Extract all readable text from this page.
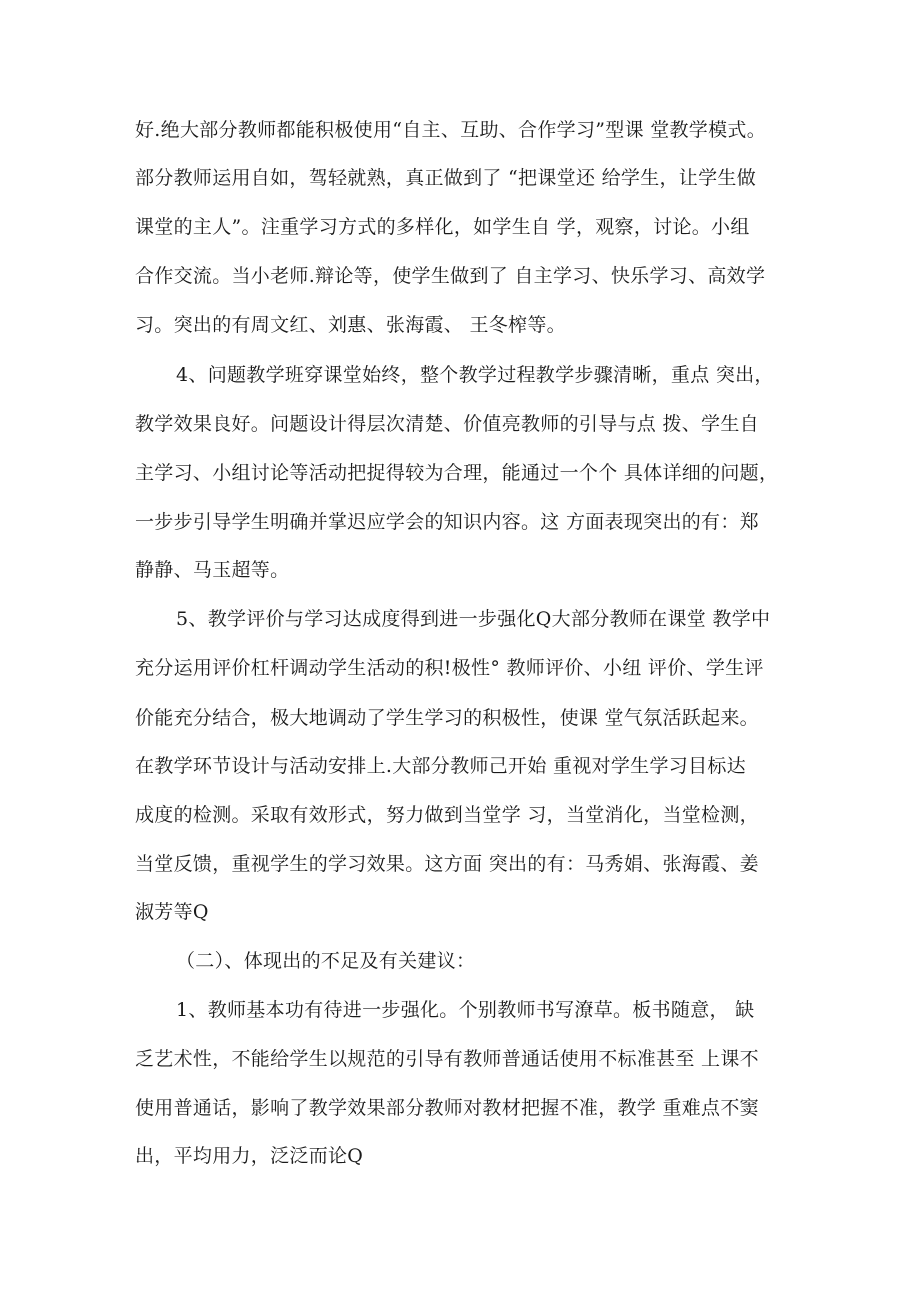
好.绝大部分教师都能积极使用“自主、互助、合作学习”型课 堂教学模式。
部分教师运用自如，驾轻就熟，真正做到了 “把课堂还 给学生，让学生做
课堂的主人”。注重学习方式的多样化，如学生自 学，观察，讨论。小组
合作交流。当小老师.辩论等，使学生做到了 自主学习、快乐学习、高效学
习。突出的有周文红、刘惠、张海霞、 王冬榨等。
4、问题教学班穿课堂始终，整个教学过程教学步骤清晰，重点 突出，
教学效果良好。问题设计得层次清楚、价值亮教师的引导与点 拨、学生自
主学习、小组讨论等活动把捉得较为合理，能通过一个个 具体详细的问题，
一步步引导学生明确并掌迟应学会的知识内容。这 方面表现突出的有：郑
静静、马玉超等。
5、教学评价与学习达成度得到进一步强化Q大部分教师在课堂 教学中
充分运用评价杠杆调动学生活动的积!极性° 教师评价、小纽 评价、学生评
价能充分结合，极大地调动了学生学习的积极性，使课 堂气氛活跃起来。
在教学环节设计与活动安排上.大部分教师己开始 重视对学生学习目标达
成度的检测。采取有效形式，努力做到当堂学 习，当堂消化，当堂检测，
当堂反馈，重视学生的学习效果。这方面 突出的有：马秀娟、张海霞、姜
淑芳等Q
（二）、体现出的不足及有关建议：
1、教师基本功有待进一步强化。个别教师书写潦草。板书随意， 缺
乏艺术性，不能给学生以规范的引导有教师普通话使用不标准甚至 上课不
使用普通话，影响了教学效果部分教师对教材把握不准，教学 重难点不窦
出，平均用力，泛泛而论Q
